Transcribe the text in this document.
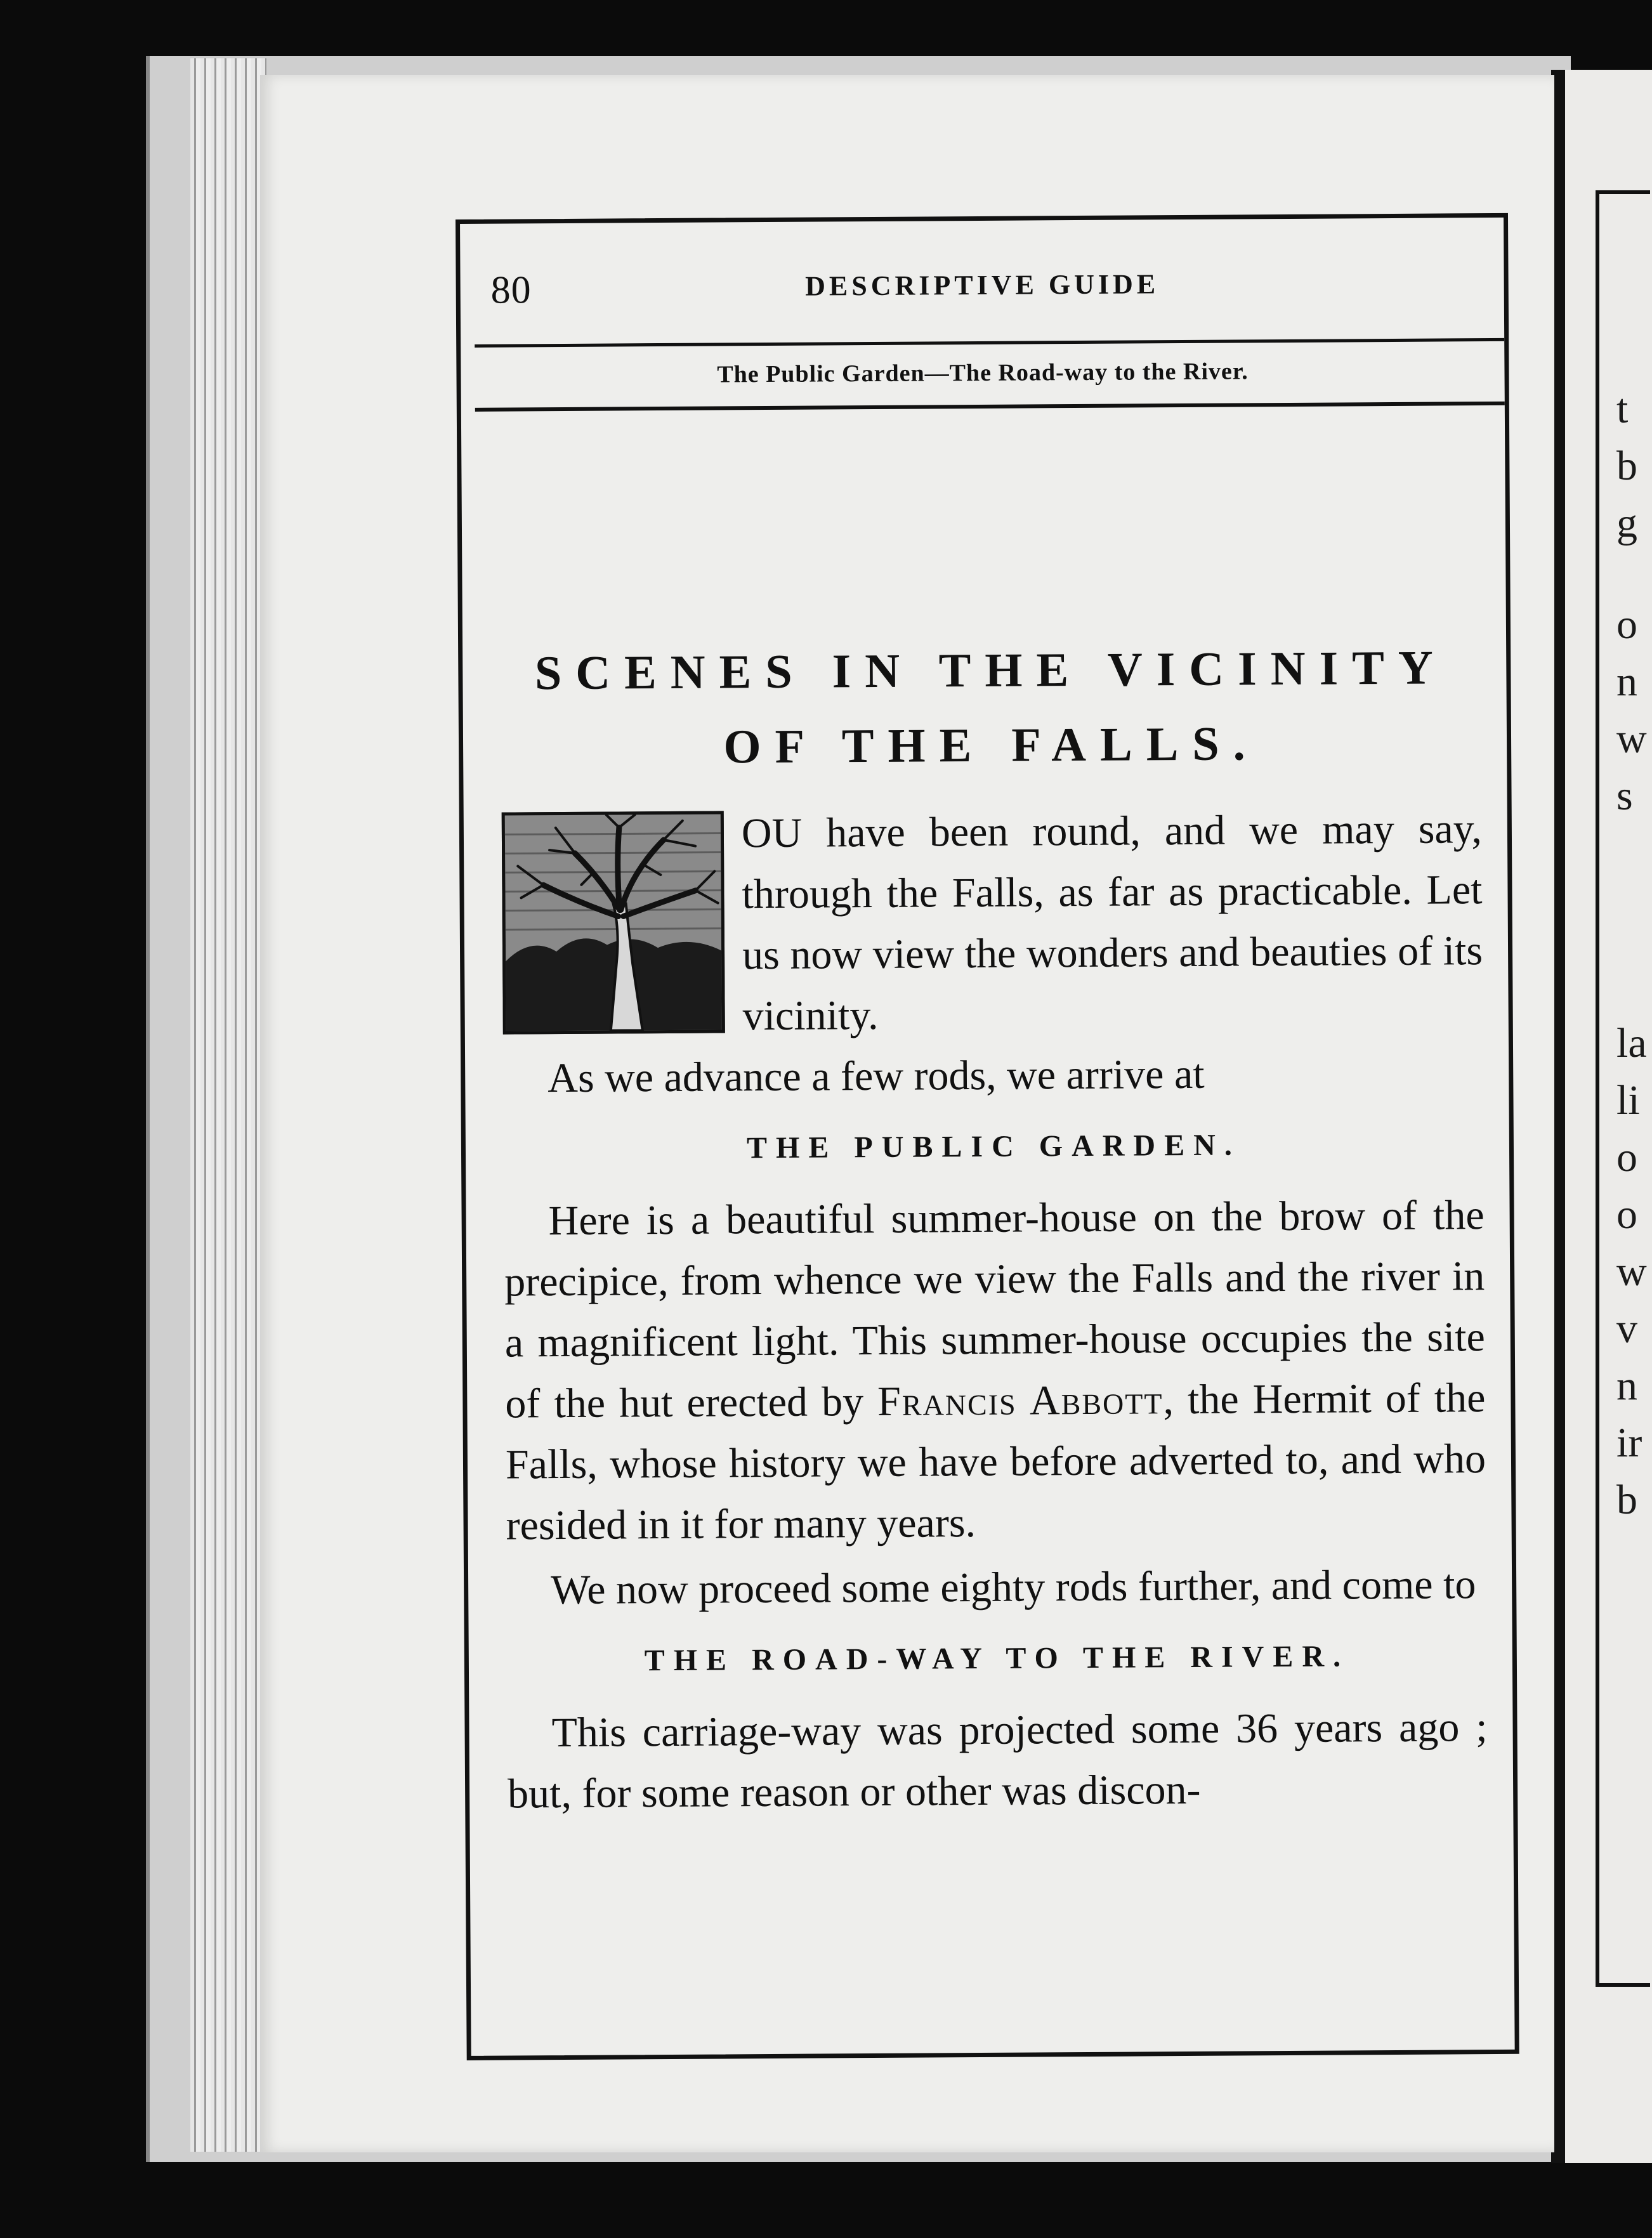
t
b
g
o
n
w
s
la
li
o
o
w
v
n
ir
b
80	DESCRIPTIVE GUIDE
The Public Garden—The Road-way to the River.
SCENES IN THE VICINITY OF THE FALLS.

OU have been round, and we may say, through the Falls, as far as practicable. Let us now view the wonders and beauties of its vicinity.

As we advance a few rods, we arrive at

THE PUBLIC GARDEN.

Here is a beautiful summer-house on the brow of the precipice, from whence we view the Falls and the river in a magnificent light. This summer-house occupies the site of the hut erected by Francis Abbott, the Hermit of the Falls, whose history we have before adverted to, and who resided in it for many years.

We now proceed some eighty rods further, and come to

THE ROAD-WAY TO THE RIVER.

This carriage-way was projected some 36 years ago ; but, for some reason or other was discon-
